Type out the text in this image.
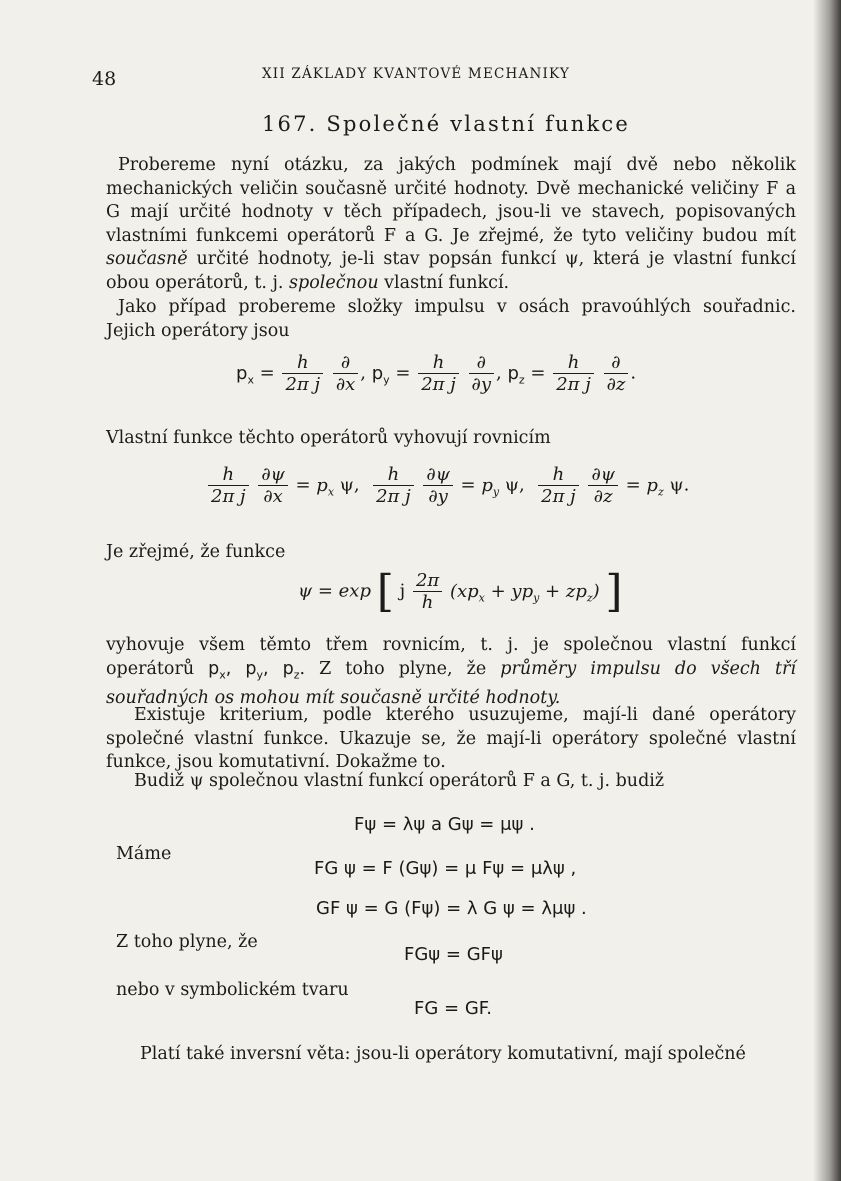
48	XII ZÁKLADY KVANTOVÉ MECHANIKY
167. Společné vlastní funkce

Probereme nyní otázku, za jakých podmínek mají dvě nebo několik mechanických veličin současně určité hodnoty. Dvě mechanické veličiny F a G mají určité hodnoty v těch případech, jsou-li ve stavech, popisovaných vlastními funkcemi operátorů F a G. Je zřejmé, že tyto veličiny budou mít současně určité hodnoty, je-li stav popsán funkcí ψ, která je vlastní funkcí obou operátorů, t. j. společnou vlastní funkcí.

Jako případ probereme složky impulsu v osách pravoúhlých souřadnic. Jejich operátory jsou

$p_x = \frac{h}{\text{2π j}}$
$\frac{\partial}{\partial x}$ , $p_y = \frac{h}{\text{2π j}}$
$\frac{\partial}{\partial y}$ , $p_z = \frac{h}{\text{2π j}}$
$\frac{\partial}{\partial z}$ .
Vlastní funkce těchto operátorů vyhovují rovnicím
$\frac{h}{\text{2π j}}$
$\frac{\partial\psi}{\partial x} = p_x$ ψ, $\frac{h}{\text{2π j}}$
$\frac{\partial\psi}{\partial y} = p_y$ ψ, $\frac{h}{\text{2π j}}$
$\frac{\partial\psi}{\partial z} = p_z$ ψ.
Je zřejmé, že funkce
ψ = exp [ j $\frac{2\pi}{h} (xp_x + yp_y + zp_z)$ ]

vyhovuje všem těmto třem rovnicím, t. j. je společnou vlastní funkcí operátorů $p_x$, $p_y$, $p_z$. Z toho plyne, že průměry impulsu do všech tří souřadných os mohou mít současně určité hodnoty.

Existuje kriterium, podle kterého usuzujeme, mají-li dané operátory společné vlastní funkce. Ukazuje se, že mají-li operátory společné vlastní funkce, jsou komutativní. Dokažme to.

Budiž ψ společnou vlastní funkcí operátorů F a G, t. j. budiž

Fψ = λψ a Gψ = μψ .
Máme
FG ψ = F (Gψ) = μ Fψ = μλψ ,
GF ψ = G (Fψ) = λ G ψ = λμψ .
Z toho plyne, že
FGψ = GFψ
nebo v symbolickém tvaru
FG = GF.
Platí také inversní věta: jsou-li operátory komutativní, mají společné
